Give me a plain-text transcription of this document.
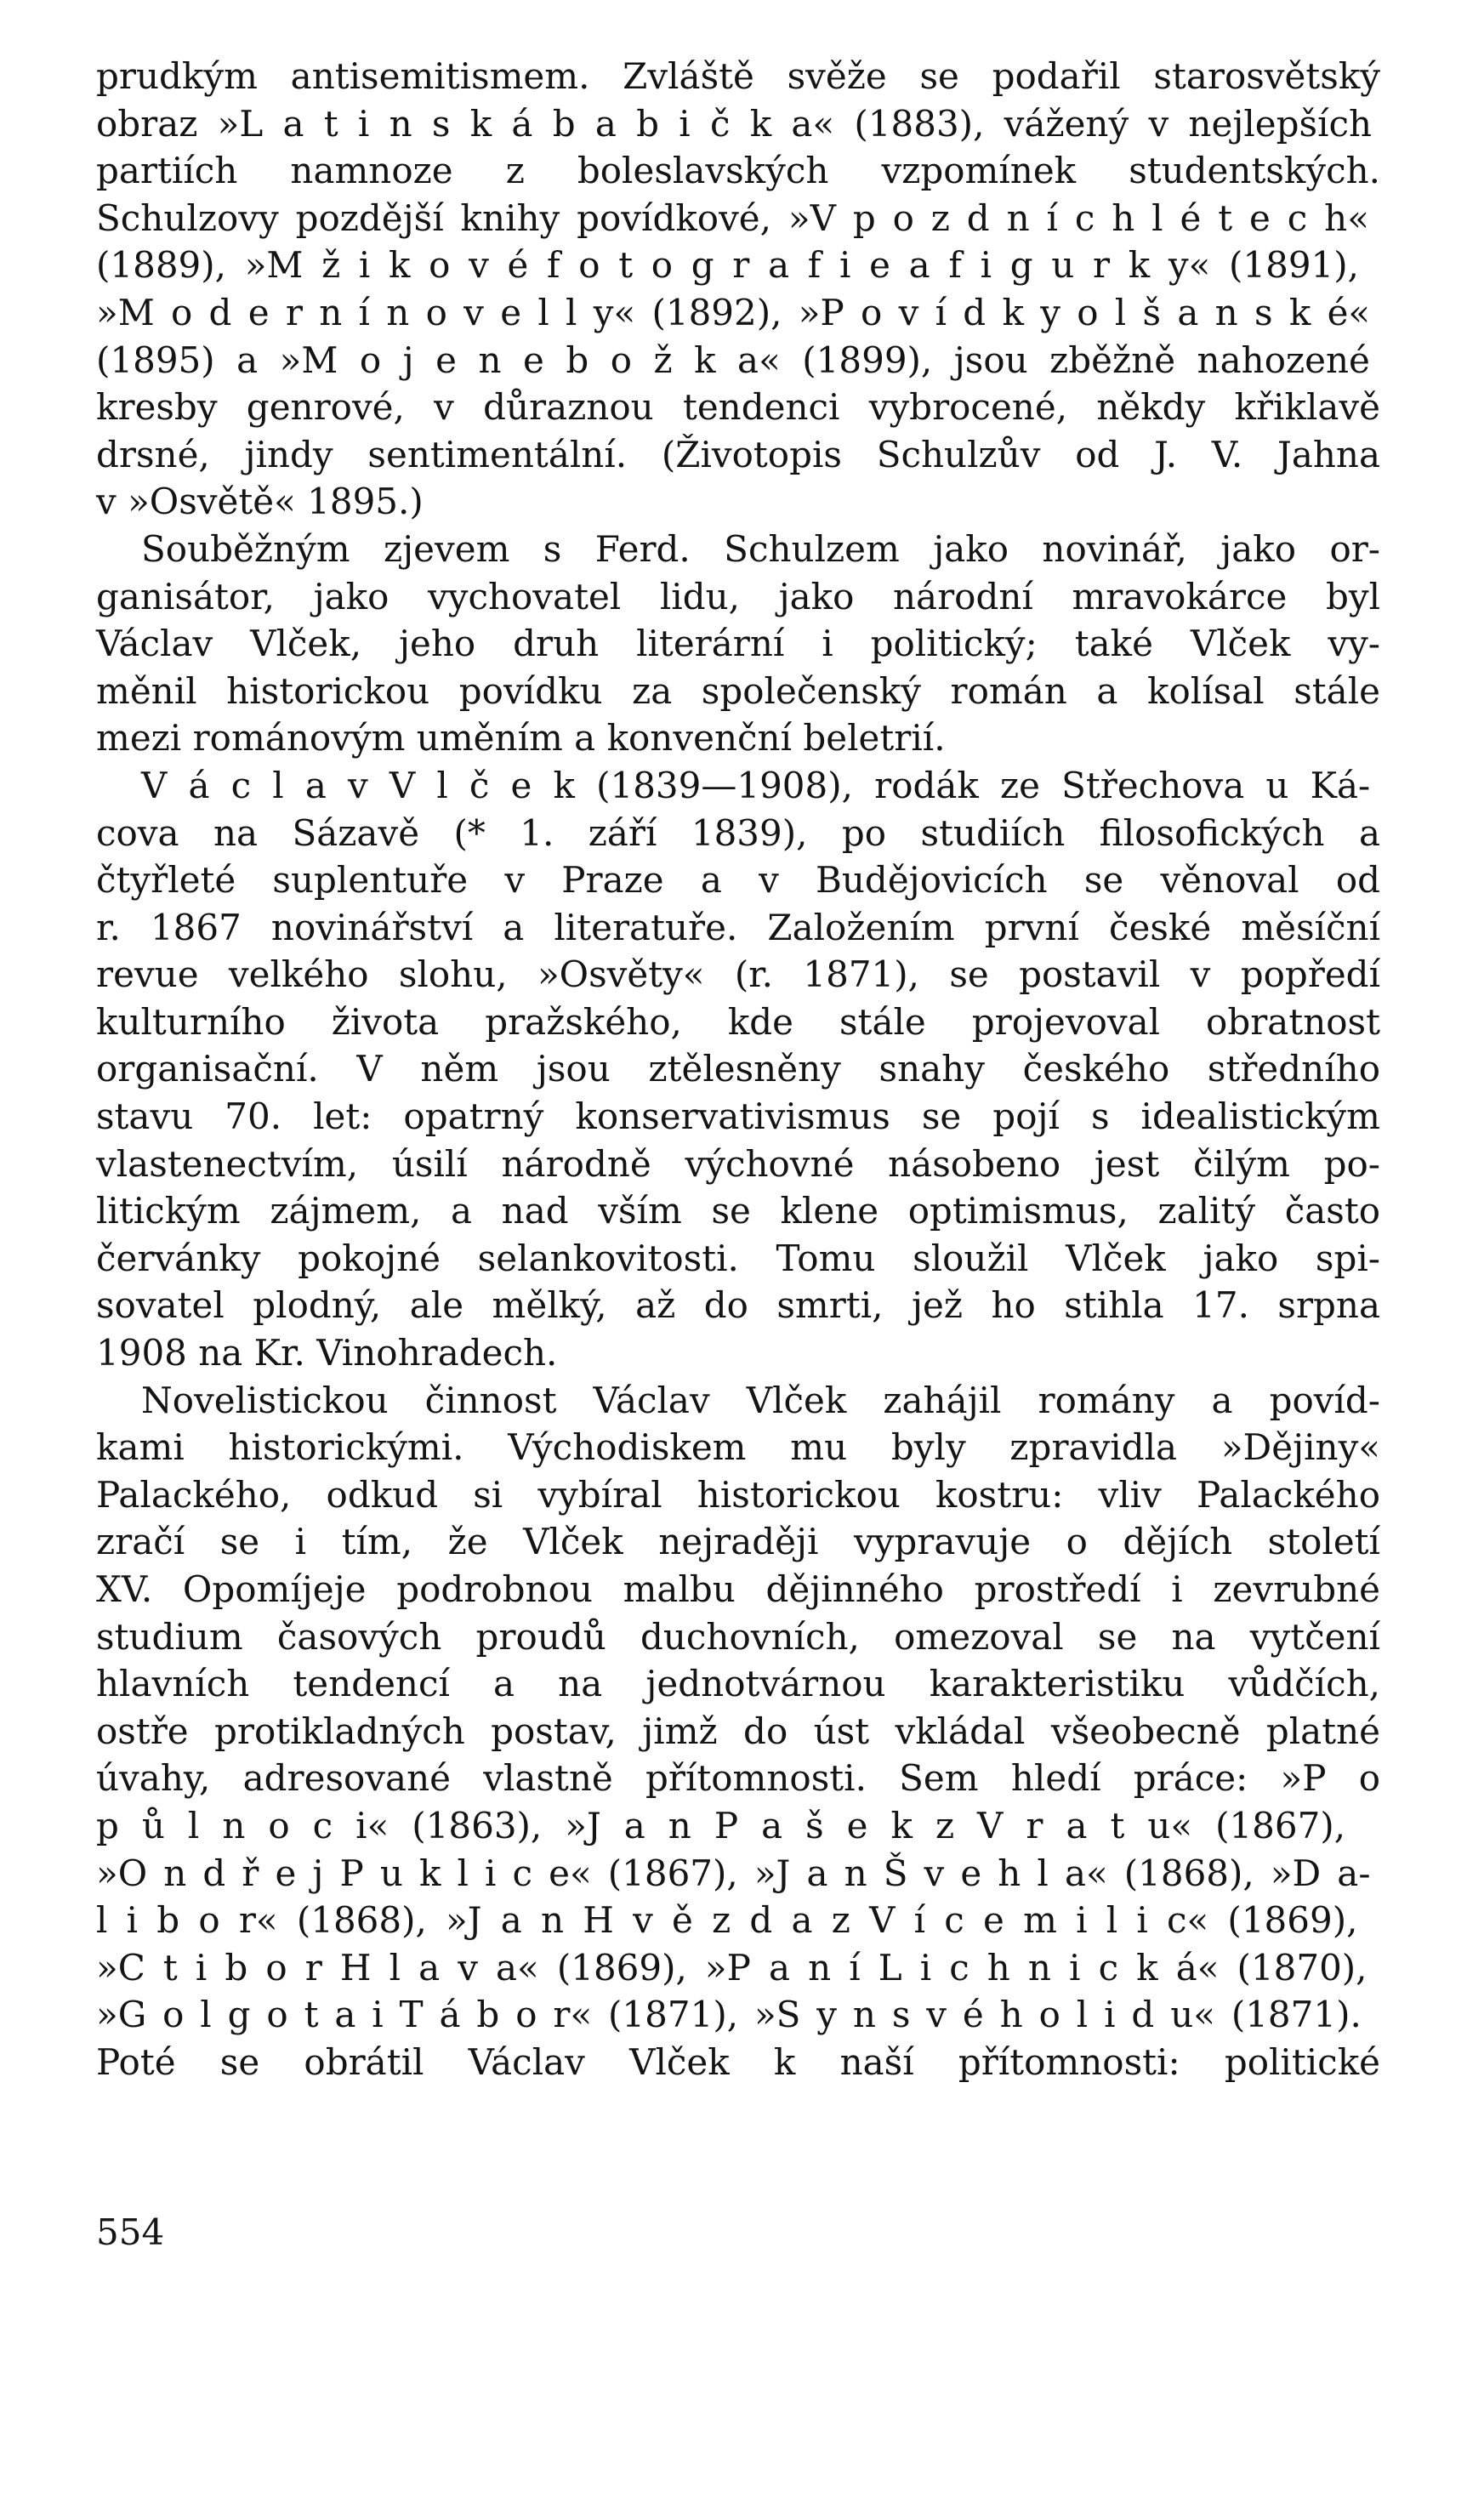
prudkým antisemitismem. Zvláště svěže se podařil starosvětský
obraz »L a t i n s k á b a b i č k a« (1883), vážený v nejlepších
partiích namnoze z boleslavských vzpomínek studentských.
Schulzovy pozdější knihy povídkové, »V p o z d n í c h l é t e c h«
(1889), »M ž i k o v é f o t o g r a f i e a f i g u r k y« (1891),
»M o d e r n í n o v e l l y« (1892), »P o v í d k y o l š a n s k é«
(1895) a »M o j e n e b o ž k a« (1899), jsou zběžně nahozené
kresby genrové, v důraznou tendenci vybrocené, někdy křiklavě
drsné, jindy sentimentální. (Životopis Schulzův od J. V. Jahna
v »Osvětě« 1895.)
Souběžným zjevem s Ferd. Schulzem jako novinář, jako or-
ganisátor, jako vychovatel lidu, jako národní mravokárce byl
Václav Vlček, jeho druh literární i politický; také Vlček vy-
měnil historickou povídku za společenský román a kolísal stále
mezi románovým uměním a konvenční beletrií.
V á c l a v V l č e k (1839—1908), rodák ze Střechova u Ká-
cova na Sázavě (* 1. září 1839), po studiích filosofických a
čtyřleté suplentuře v Praze a v Budějovicích se věnoval od
r. 1867 novinářství a literatuře. Založením první české měsíční
revue velkého slohu, »Osvěty« (r. 1871), se postavil v popředí
kulturního života pražského, kde stále projevoval obratnost
organisační. V něm jsou ztělesněny snahy českého středního
stavu 70. let: opatrný konservativismus se pojí s idealistickým
vlastenectvím, úsilí národně výchovné násobeno jest čilým po-
litickým zájmem, a nad vším se klene optimismus, zalitý často
červánky pokojné selankovitosti. Tomu sloužil Vlček jako spi-
sovatel plodný, ale mělký, až do smrti, jež ho stihla 17. srpna
1908 na Kr. Vinohradech.
Novelistickou činnost Václav Vlček zahájil romány a povíd-
kami historickými. Východiskem mu byly zpravidla »Dějiny«
Palackého, odkud si vybíral historickou kostru: vliv Palackého
zračí se i tím, že Vlček nejraději vypravuje o dějích století
XV. Opomíjeje podrobnou malbu dějinného prostředí i zevrubné
studium časových proudů duchovních, omezoval se na vytčení
hlavních tendencí a na jednotvárnou karakteristiku vůdčích,
ostře protikladných postav, jimž do úst vkládal všeobecně platné
úvahy, adresované vlastně přítomnosti. Sem hledí práce: »P o
p ů l n o c i« (1863), »J a n P a š e k z V r a t u« (1867),
»O n d ř e j P u k l i c e« (1867), »J a n Š v e h l a« (1868), »D a-
l i b o r« (1868), »J a n H v ě z d a z V í c e m i l i c« (1869),
»C t i b o r H l a v a« (1869), »P a n í L i c h n i c k á« (1870),
»G o l g o t a i T á b o r« (1871), »S y n s v é h o l i d u« (1871).
Poté se obrátil Václav Vlček k naší přítomnosti: politické
554
